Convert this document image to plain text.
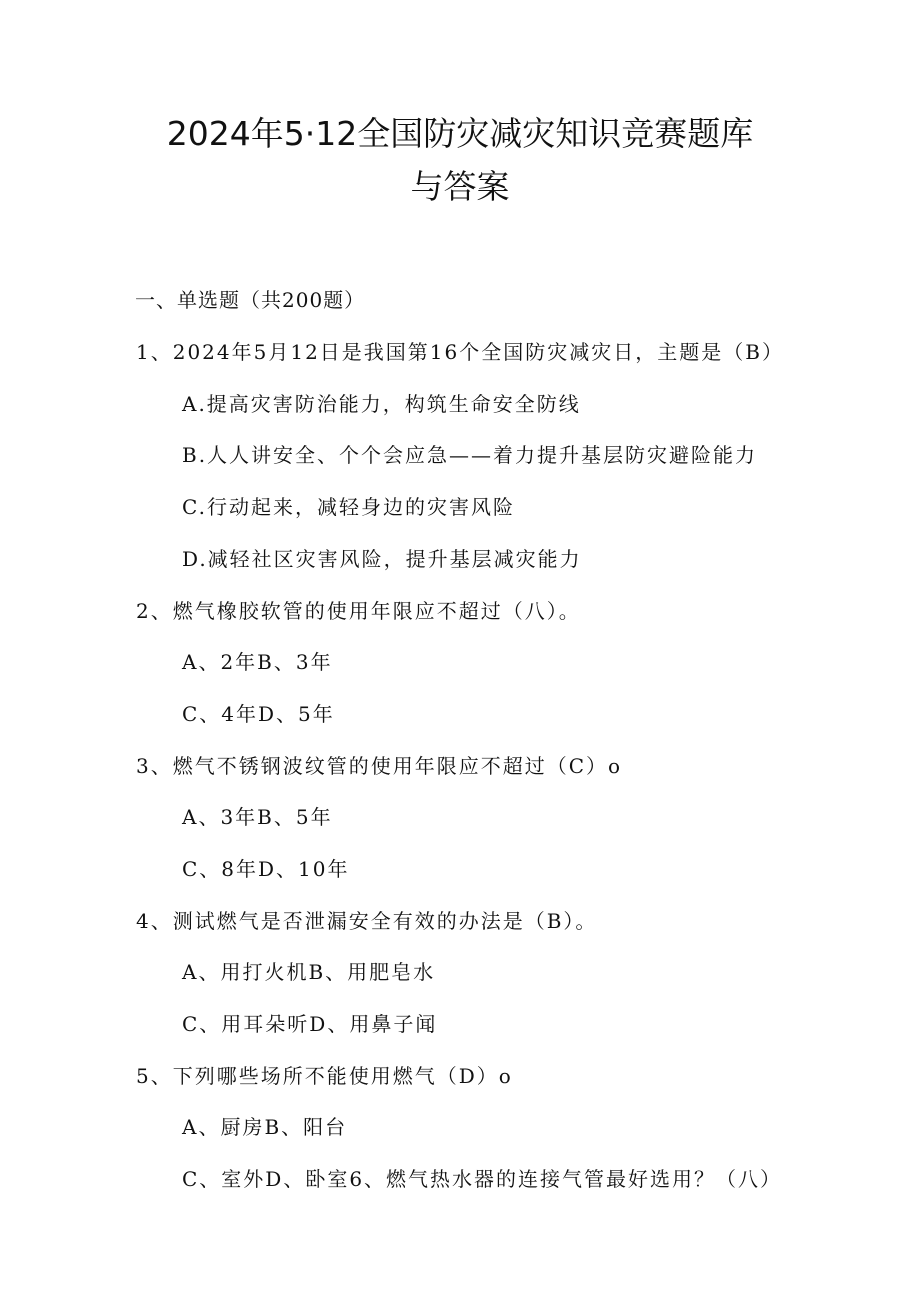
2024年5·12全国防灾减灾知识竞赛题库
与答案
一、单选题（共200题）
1、2024年5月12日是我国第16个全国防灾减灾日，主题是（B）
A.提高灾害防治能力，构筑生命安全防线
B.人人讲安全、个个会应急——着力提升基层防灾避险能力
C.行动起来，减轻身边的灾害风险
D.减轻社区灾害风险，提升基层减灾能力
2、燃气橡胶软管的使用年限应不超过（八）。
A、2年B、3年
C、4年D、5年
3、燃气不锈钢波纹管的使用年限应不超过（C）o
A、3年B、5年
C、8年D、10年
4、测试燃气是否泄漏安全有效的办法是（B）。
A、用打火机B、用肥皂水
C、用耳朵听D、用鼻子闻
5、下列哪些场所不能使用燃气（D）o
A、厨房B、阳台
C、室外D、卧室6、燃气热水器的连接气管最好选用？（八）
